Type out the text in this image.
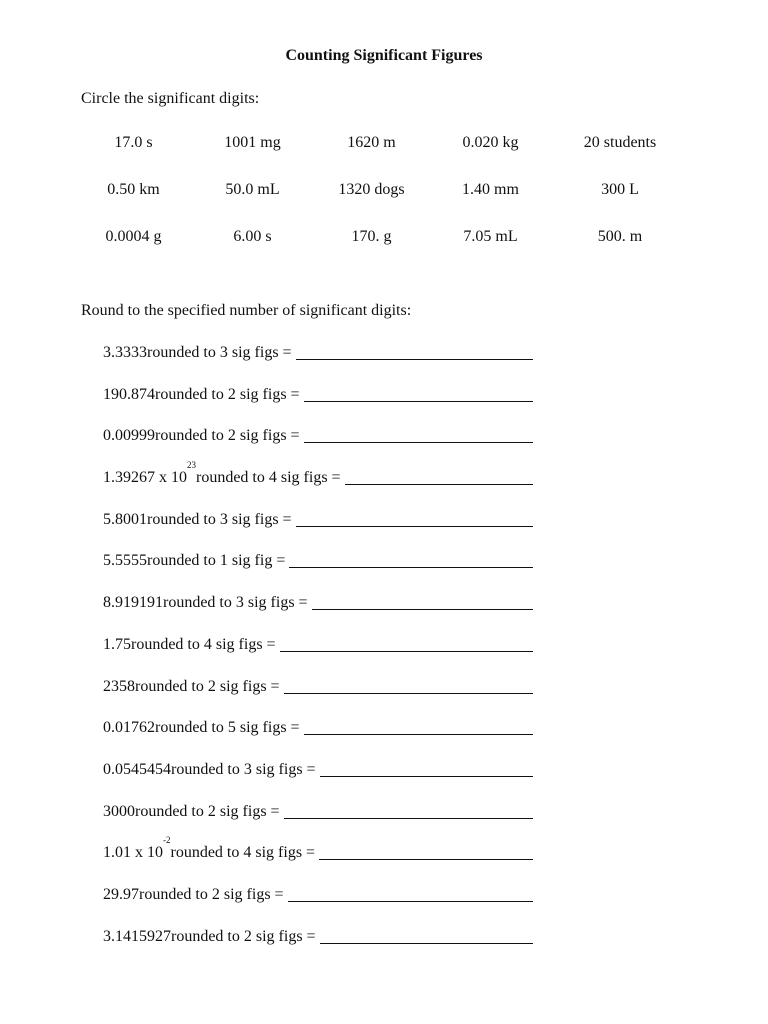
Counting Significant Figures

Circle the significant digits:

17.0 s	1001 mg	1620 m	0.020 kg	20 students
0.50 km	50.0 mL	1320 dogs	1.40 mm	300 L
0.0004 g	6.00 s	170. g	7.05 mL	500. m

Round to the specified number of significant digits:

3.3333 rounded to 3 sig figs =
190.874 rounded to 2 sig figs =
0.00999 rounded to 2 sig figs =
1.39267 x 10
$^{23}$
rounded to 4 sig figs =
5.8001 rounded to 3 sig figs =
5.5555 rounded to 1 sig fig =
8.919191 rounded to 3 sig figs =
1.75 rounded to 4 sig figs =
2358 rounded to 2 sig figs =
0.01762 rounded to 5 sig figs =
0.0545454 rounded to 3 sig figs =
3000 rounded to 2 sig figs =
1.01 x 10
$^{-2}$
rounded to 4 sig figs =
29.97 rounded to 2 sig figs =
3.1415927 rounded to 2 sig figs =
